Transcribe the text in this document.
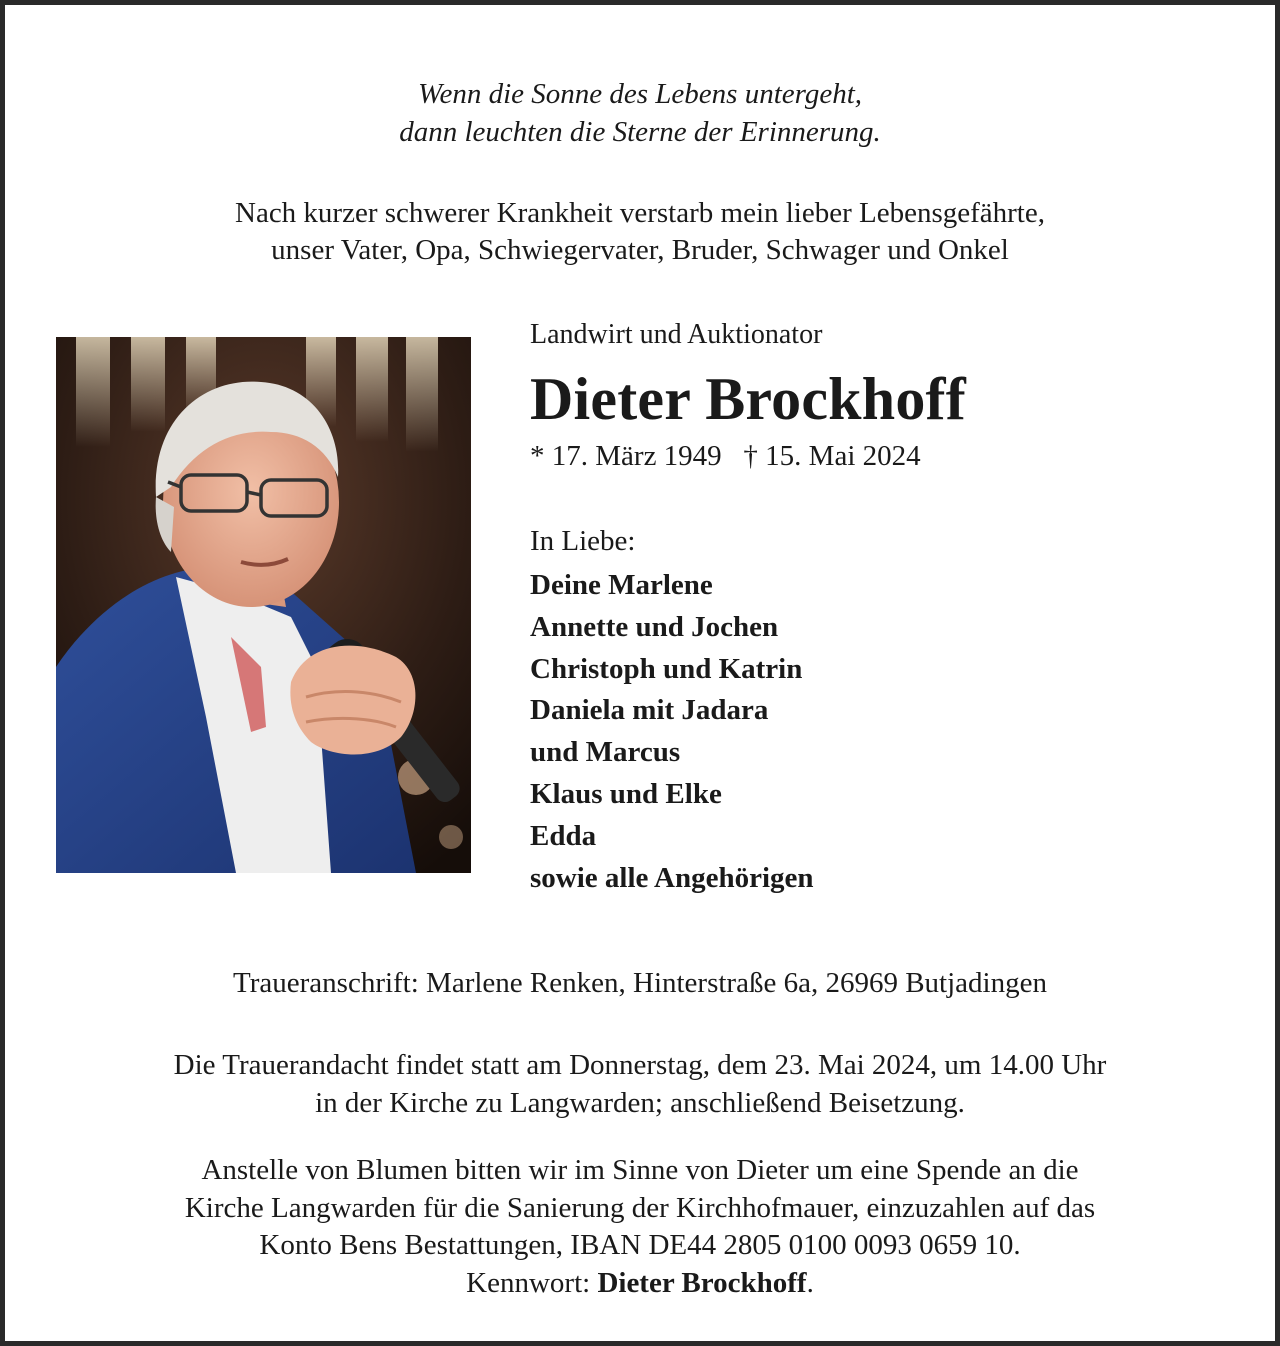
Wenn die Sonne des Lebens untergeht,
dann leuchten die Sterne der Erinnerung.
Nach kurzer schwerer Krankheit verstarb mein lieber Lebensgefährte,
unser Vater, Opa, Schwiegervater, Bruder, Schwager und Onkel
Landwirt und Auktionator
Dieter Brockhoff
* 17. März 1949   † 15. Mai 2024
In Liebe:
Deine Marlene
Annette und Jochen
Christoph und Katrin
Daniela mit Jadara
und Marcus
Klaus und Elke
Edda
sowie alle Angehörigen
Traueranschrift: Marlene Renken, Hinterstraße 6a, 26969 Butjadingen
Die Trauerandacht findet statt am Donnerstag, dem 23. Mai 2024, um 14.00 Uhr
in der Kirche zu Langwarden; anschließend Beisetzung.
Anstelle von Blumen bitten wir im Sinne von Dieter um eine Spende an die
Kirche Langwarden für die Sanierung der Kirchhofmauer, einzuzahlen auf das
Konto Bens Bestattungen, IBAN DE44 2805 0100 0093 0659 10.
Kennwort: Dieter Brockhoff.
